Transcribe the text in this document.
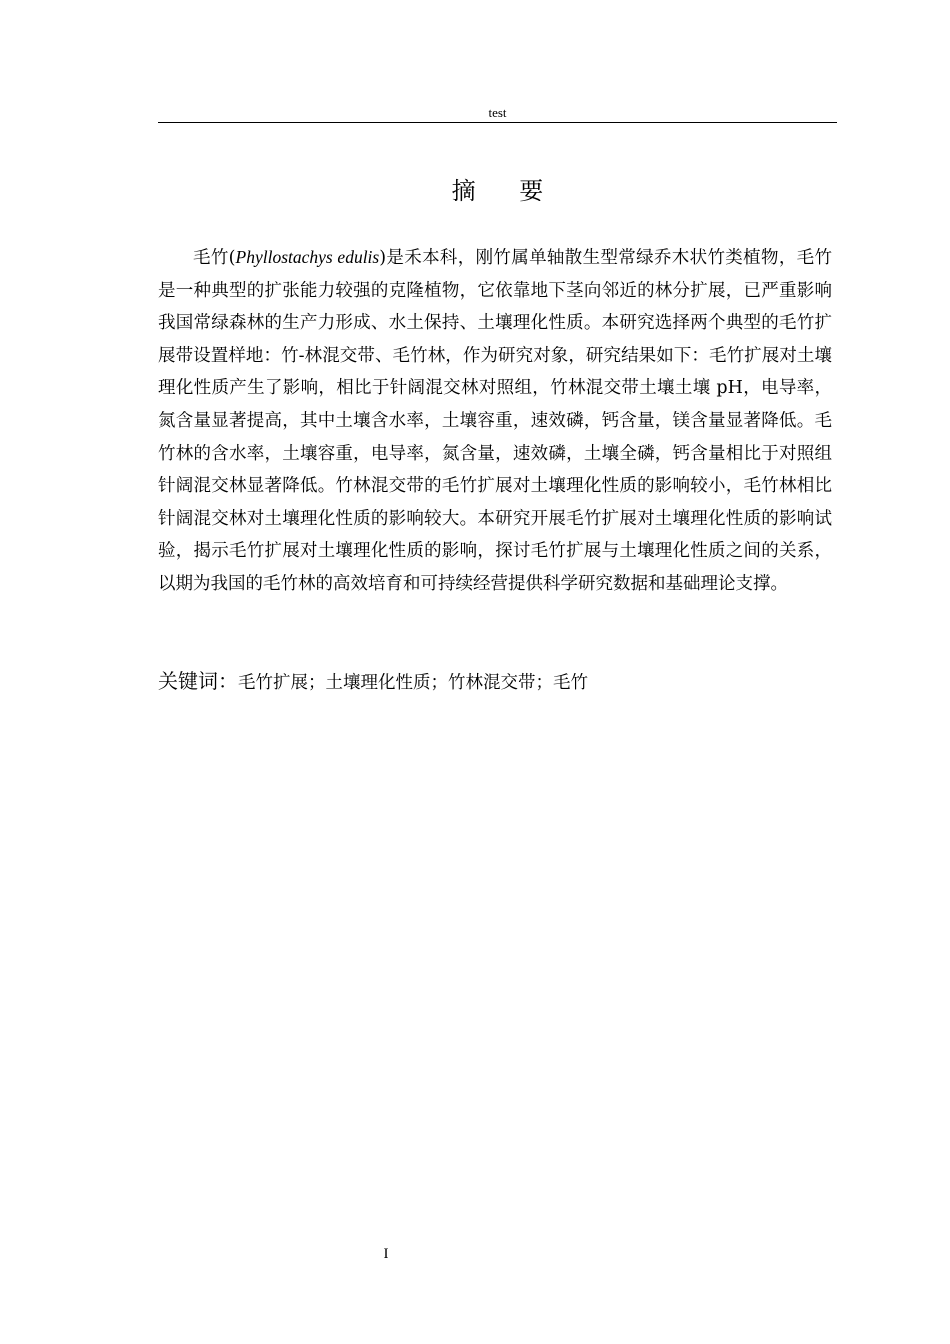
test
摘 要

毛竹(Phyllostachys edulis)是禾本科，刚竹属单轴散生型常绿乔木状竹类植物，毛竹是一种典型的扩张能力较强的克隆植物，它依靠地下茎向邻近的林分扩展，已严重影响我国常绿森林的生产力形成、水土保持、土壤理化性质。本研究选择两个典型的毛竹扩展带设置样地：竹-林混交带、毛竹林，作为研究对象，研究结果如下：毛竹扩展对土壤理化性质产生了影响，相比于针阔混交林对照组，竹林混交带土壤土壤 pH，电导率，氮含量显著提高，其中土壤含水率，土壤容重，速效磷，钙含量，镁含量显著降低。毛竹林的含水率，土壤容重，电导率，氮含量，速效磷，土壤全磷，钙含量相比于对照组针阔混交林显著降低。竹林混交带的毛竹扩展对土壤理化性质的影响较小，毛竹林相比针阔混交林对土壤理化性质的影响较大。本研究开展毛竹扩展对土壤理化性质的影响试验，揭示毛竹扩展对土壤理化性质的影响，探讨毛竹扩展与土壤理化性质之间的关系，以期为我国的毛竹林的高效培育和可持续经营提供科学研究数据和基础理论支撑。

关键词：毛竹扩展；土壤理化性质；竹林混交带；毛竹
I
